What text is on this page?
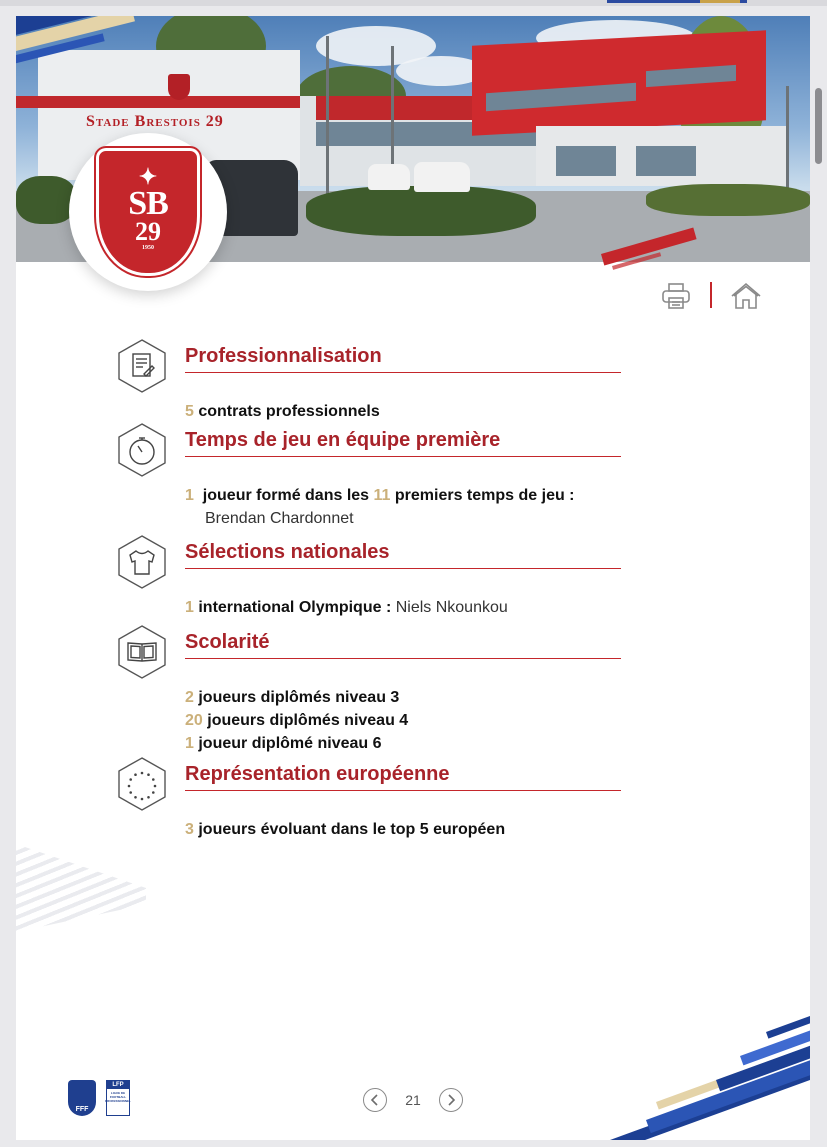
Stade Brestois 29
✦
SB
29
1950
Professionnalisation
5 contrats professionnels
Temps de jeu en équipe première
1 joueur formé dans les 11 premiers temps de jeu :
Brendan Chardonnet
Sélections nationales
1 international Olympique : Niels Nkounkou
Scolarité
2 joueurs diplômés niveau 3
20 joueurs diplômés niveau 4
1 joueur diplômé niveau 6
Représentation européenne
3 joueurs évoluant dans le top 5 européen
FFF
LFP
LIGUE DE FOOTBALL PROFESSIONNEL	21
